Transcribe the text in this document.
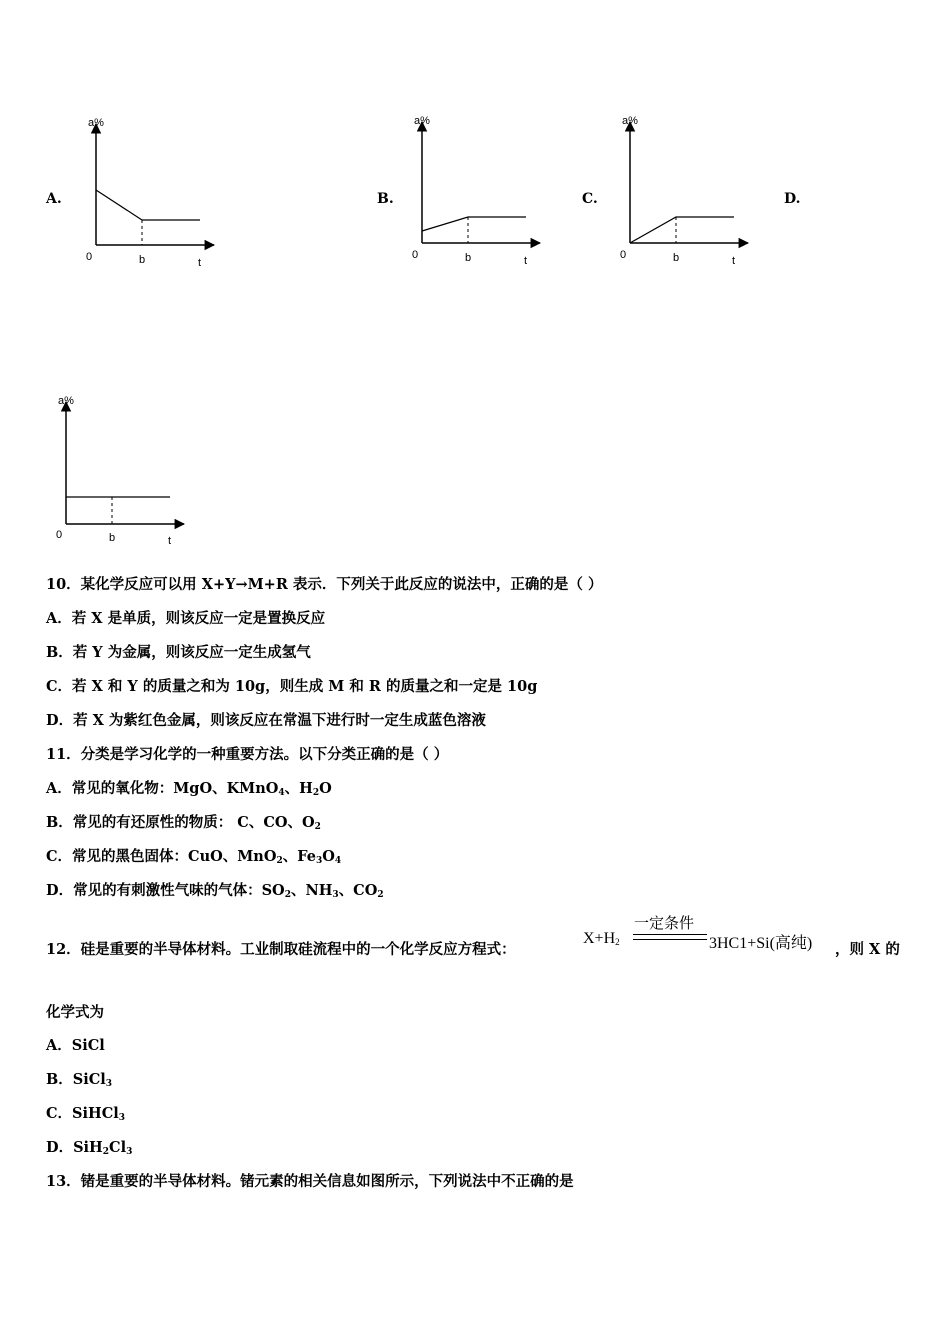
A.	B.	C.	D.
a%
0	b	t
a%
0	b	t
a%
0	b	t
a%
0	b	t
10．某化学反应可以用 X+Y→M+R 表示．下列关于此反应的说法中，正确的是（ ）
A．若 X 是单质，则该反应一定是置换反应
B．若 Y 为金属，则该反应一定生成氢气
C．若 X 和 Y 的质量之和为 10g，则生成 M 和 R 的质量之和一定是 10g
D．若 X 为紫红色金属，则该反应在常温下进行时一定生成蓝色溶液
11．分类是学习化学的一种重要方法。以下分类正确的是（ ）
A．常见的氧化物：MgO、KMnO$_4$、$H_2O$
B．常见的有还原性的物质： C、CO、$O_2$
C．常见的黑色固体：CuO、MnO$_2$、$Fe_3O_4$
D．常见的有刺激性气味的气体：$SO_2$、$NH_3$、$CO_2$
12．硅是重要的半导体材料。工业制取硅流程中的一个化学反应方程式：
$X+H_2$
一定条件
3HC1+Si(高纯) ，则 X 的
化学式为
A．SiCl
B．SiCl$_3$
C．SiHCl$_3$
D．$SiH_2Cl_3$
13．锗是重要的半导体材料。锗元素的相关信息如图所示，下列说法中不正确的是
